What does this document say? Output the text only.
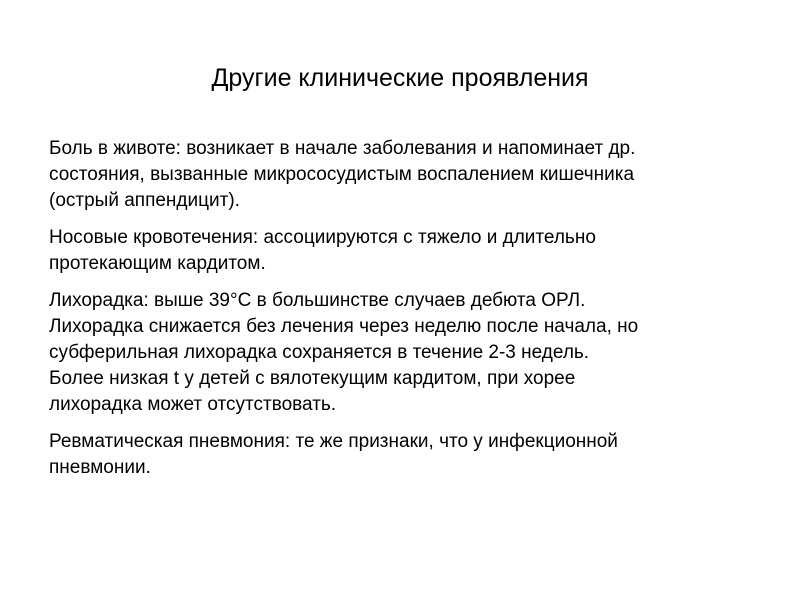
Другие клинические проявления

Боль в животе: возникает в начале заболевания и напоминает др.
состояния, вызванные микрососудистым воспалением кишечника
(острый аппендицит).

Носовые кровотечения: ассоциируются с тяжело и длительно
протекающим кардитом.

Лихорадка: выше 39°C в большинстве случаев дебюта ОРЛ.
Лихорадка снижается без лечения через неделю после начала, но
субферильная лихорадка сохраняется в течение 2-3 недель.
Более низкая t у детей с вялотекущим кардитом, при хорее
лихорадка может отсутствовать.

Ревматическая пневмония: те же признаки, что у инфекционной
пневмонии.
